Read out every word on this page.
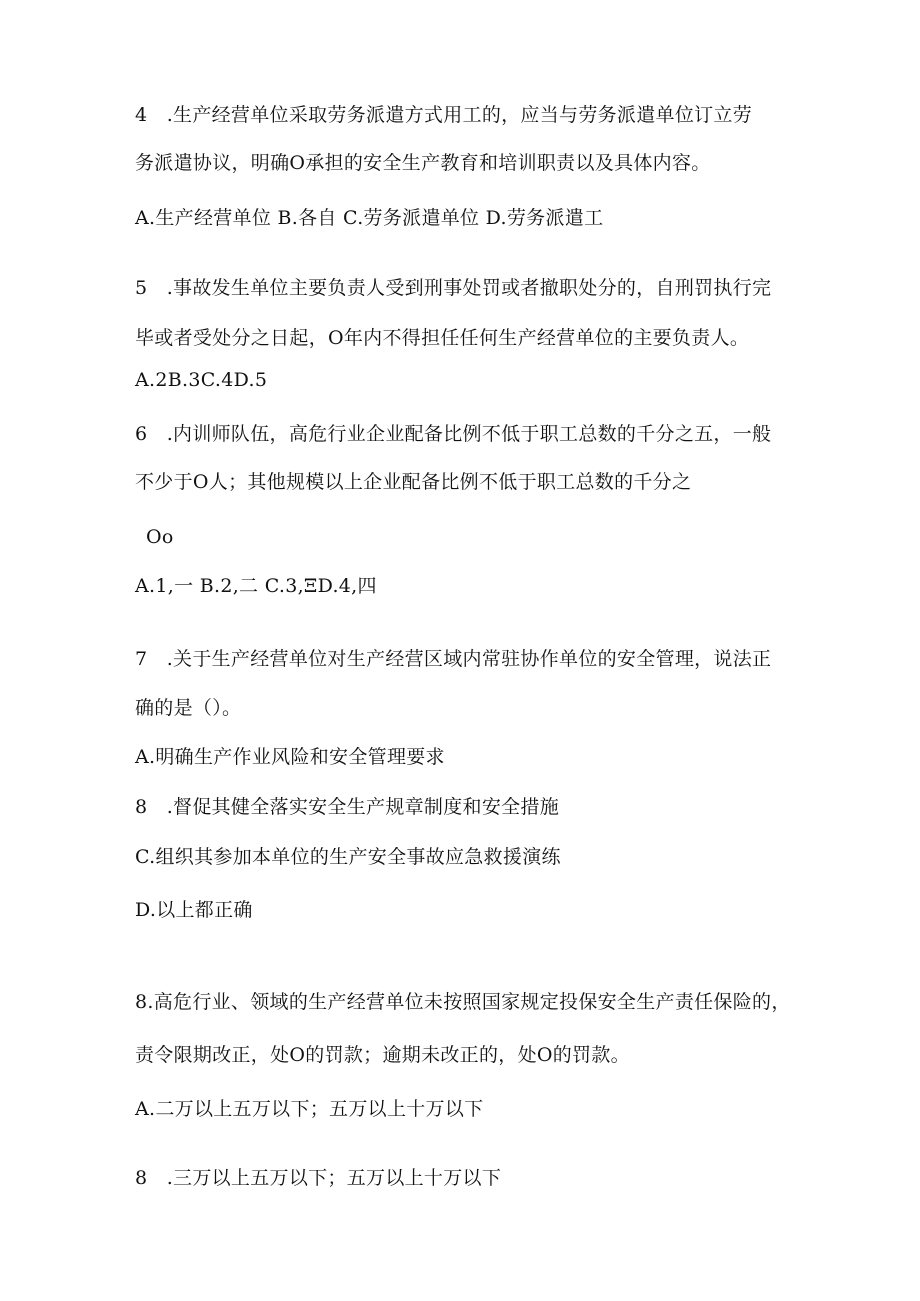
4　.生产经营单位采取劳务派遣方式用工的，应当与劳务派遣单位订立劳
务派遣协议，明确O承担的安全生产教育和培训职责以及具体内容。
A.生产经营单位 B.各自 C.劳务派遣单位 D.劳务派遣工
5　.事故发生单位主要负责人受到刑事处罚或者撤职处分的，自刑罚执行完
毕或者受处分之日起，O年内不得担任任何生产经营单位的主要负责人。
A.2B.3C.4D.5
6　.内训师队伍，高危行业企业配备比例不低于职工总数的千分之五，一般
不少于O人；其他规模以上企业配备比例不低于职工总数的千分之
Oo
A.1,一 B.2,二 C.3,ΞD.4,四
7　.关于生产经营单位对生产经营区域内常驻协作单位的安全管理，说法正
确的是（）。
A.明确生产作业风险和安全管理要求
8　.督促其健全落实安全生产规章制度和安全措施
C.组织其参加本单位的生产安全事故应急救援演练
D.以上都正确
8.高危行业、领域的生产经营单位未按照国家规定投保安全生产责任保险的，
责令限期改正，处O的罚款；逾期未改正的，处O的罚款。
A.二万以上五万以下；五万以上十万以下
8　.三万以上五万以下；五万以上十万以下
